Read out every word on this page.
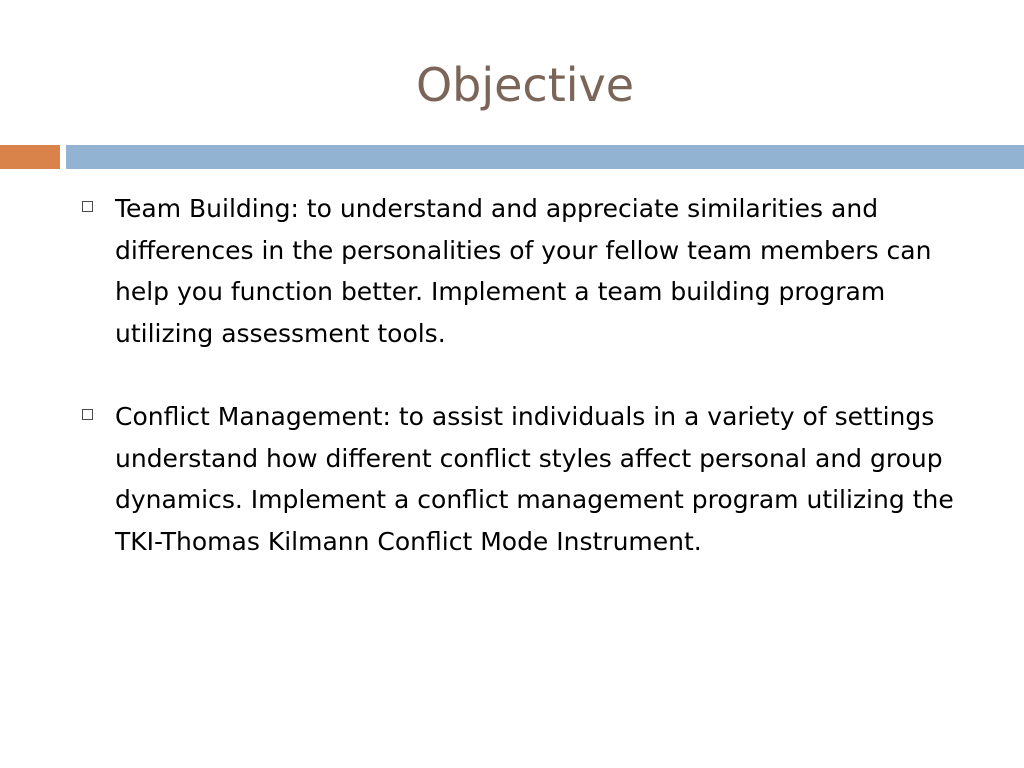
Objective
Team Building: to understand and appreciate similarities and differences in the personalities of your fellow team members can help you function better. Implement a team building program utilizing assessment tools.
Conflict Management: to assist individuals in a variety of settings understand how different conflict styles affect personal and group dynamics. Implement a conflict management program utilizing the TKI-Thomas Kilmann Conflict Mode Instrument.
